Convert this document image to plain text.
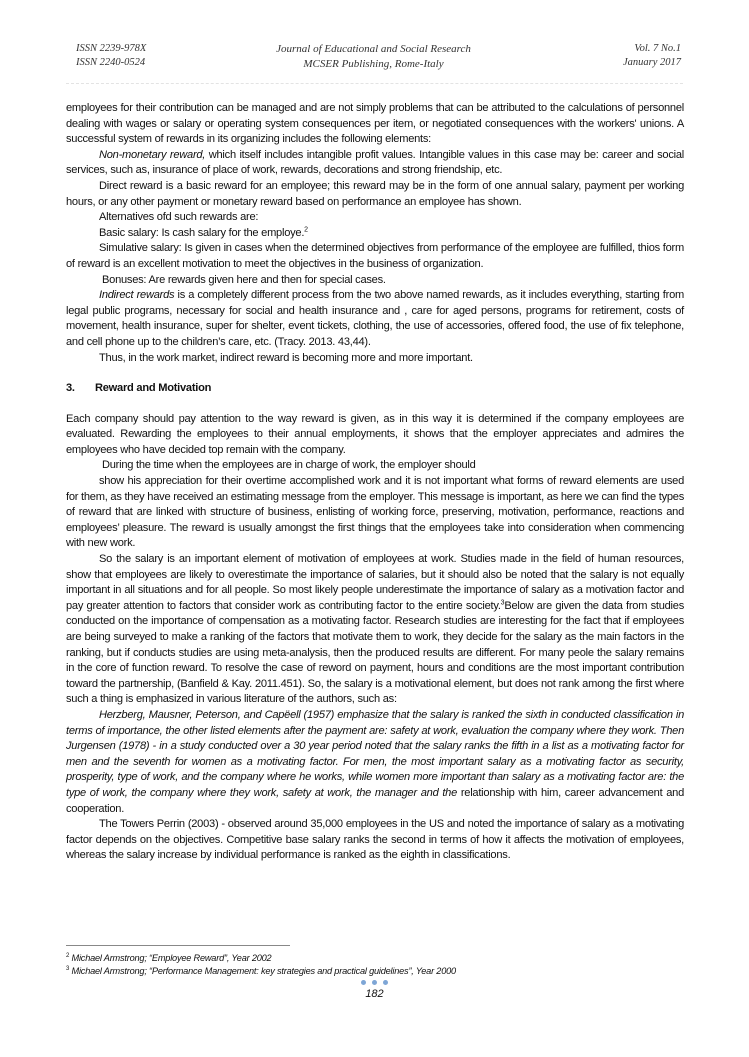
ISSN 2239-978X
ISSN 2240-0524
Journal of Educational and Social Research
MCSER Publishing, Rome-Italy
Vol. 7 No.1
January 2017

employees for their contribution can be managed and are not simply problems that can be attributed to the calculations of personnel dealing with wages or salary or operating system consequences per item, or negotiated consequences with the workers' unions. A successful system of rewards in its organizing includes the following elements:

Non-monetary reward, which itself includes intangible profit values. Intangible values in this case may be: career and social services, such as, insurance of place of work, rewards, decorations and strong friendship, etc.

Direct reward is a basic reward for an employee; this reward may be in the form of one annual salary, payment per working hours, or any other payment or monetary reward based on performance an employee has shown.

Alternatives ofd such rewards are:

Basic salary: Is cash salary for the employe.$^2$

Simulative salary: Is given in cases when the determined objectives from performance of the employee are fulfilled, thios form of reward is an excellent motivation to meet the objectives in the business of organization.

Bonuses: Are rewards given here and then for special cases.

Indirect rewards is a completely different process from the two above named rewards, as it includes everything, starting from legal public programs, necessary for social and health insurance and , care for aged persons, programs for retirement, costs of movement, health insurance, super for shelter, event tickets, clothing, the use of accessories, offered food, the use of fix telephone, and cell phone up to the children’s care, etc. (Tracy. 2013. 43,44).

Thus, in the work market, indirect reward is becoming more and more important.

3. Reward and Motivation

Each company should pay attention to the way reward is given, as in this way it is determined if the company employees are evaluated. Rewarding the employees to their annual employments, it shows that the employer appreciates and admires the employees who have decided top remain with the company.

During the time when the employees are in charge of work, the employer should

show his appreciation for their overtime accomplished work and it is not important what forms of reward elements are used for them, as they have received an estimating message from the employer. This message is important, as here we can find the types of reward that are linked with structure of business, enlisting of working force, preserving, motivation, performance, reactions and employees’ pleasure. The reward is usually amongst the first things that the employees take into consideration when commencing with new work.

So the salary is an important element of motivation of employees at work. Studies made in the field of human resources, show that employees are likely to overestimate the importance of salaries, but it should also be noted that the salary is not equally important in all situations and for all people. So most likely people underestimate the importance of salary as a motivation factor and pay greater attention to factors that consider work as contributing factor to the entire society.$^3$Below are given the data from studies conducted on the importance of compensation as a motivating factor. Research studies are interesting for the fact that if employees are being surveyed to make a ranking of the factors that motivate them to work, they decide for the salary as the main factors in the ranking, but if conducts studies are using meta-analysis, then the produced results are different. For many peole the salary remains in the core of function reward. To resolve the case of reword on payment, hours and conditions are the most important contribution toward the partnership, (Banfield & Kay. 2011.451). So, the salary is a motivational element, but does not rank among the first where such a thing is emphasized in various literature of the authors, such as:

Herzberg, Mausner, Peterson, and Capëell (1957) emphasize that the salary is ranked the sixth in conducted classification in terms of importance, the other listed elements after the payment are: safety at work, evaluation the company where they work. Then Jurgensen (1978) - in a study conducted over a 30 year period noted that the salary ranks the fifth in a list as a motivating factor for men and the seventh for women as a motivating factor. For men, the most important salary as a motivating factor as security, prosperity, type of work, and the company where he works, while women more important than salary as a motivating factor are: the type of work, the company where they work, safety at work, the manager and the relationship with him, career advancement and cooperation.

The Towers Perrin (2003) - observed around 35,000 employees in the US and noted the importance of salary as a motivating factor depends on the objectives. Competitive base salary ranks the second in terms of how it affects the motivation of employees, whereas the salary increase by individual performance is ranked as the eighth in classifications.

$^2$ Michael Armstrong; “Employee Reward”, Year 2002
$^3$ Michael Armstrong; “Performance Management: key strategies and practical guidelines”, Year 2000
182
